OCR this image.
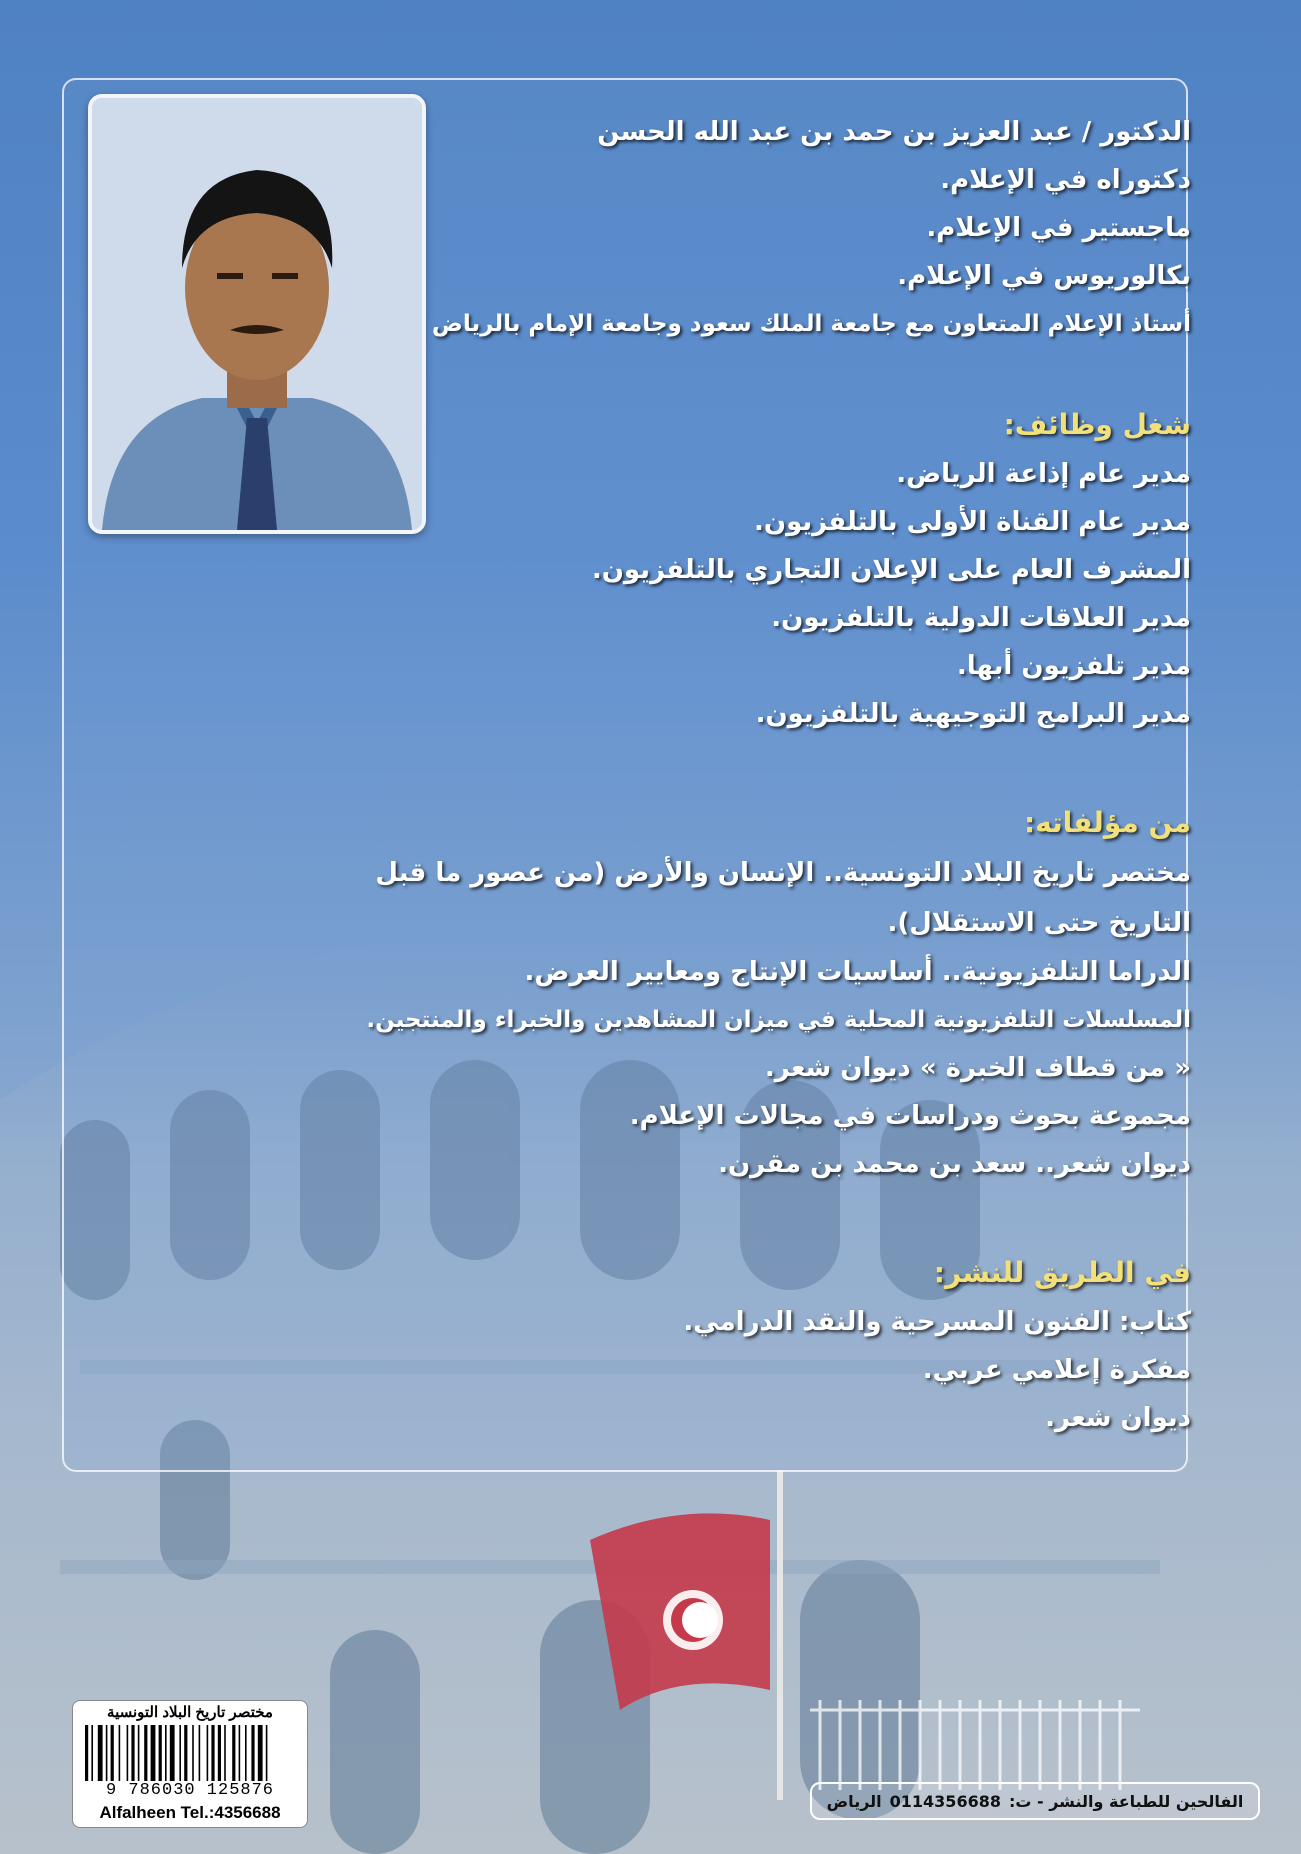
الدكتور / عبد العزيز بن حمد بن عبد الله الحسن
دكتوراه في الإعلام.
ماجستير في الإعلام.
بكالوريوس في الإعلام.
أستاذ الإعلام المتعاون مع جامعة الملك سعود وجامعة الإمام بالرياض
شغل وظائف:
مدير عام إذاعة الرياض.
مدير عام القناة الأولى بالتلفزيون.
المشرف العام على الإعلان التجاري بالتلفزيون.
مدير العلاقات الدولية بالتلفزيون.
مدير تلفزيون أبها.
مدير البرامج التوجيهية بالتلفزيون.
من مؤلفاته:
مختصر تاريخ البلاد التونسية.. الإنسان والأرض (من عصور ما قبل التاريخ حتى الاستقلال).
الدراما التلفزيونية.. أساسيات الإنتاج ومعايير العرض.
المسلسلات التلفزيونية المحلية في ميزان المشاهدين والخبراء والمنتجين.
« من قطاف الخبرة » ديوان شعر.
مجموعة بحوث ودراسات في مجالات الإعلام.
ديوان شعر.. سعد بن محمد بن مقرن.
في الطريق للنشر:
كتاب: الفنون المسرحية والنقد الدرامي.
مفكرة إعلامي عربي.
ديوان شعر.
مختصر تاريخ البلاد التونسية
9 786030 125876
Alfalheen Tel.:4356688
الفالحين للطباعة والنشر - ت:
0114356688
الرياض
